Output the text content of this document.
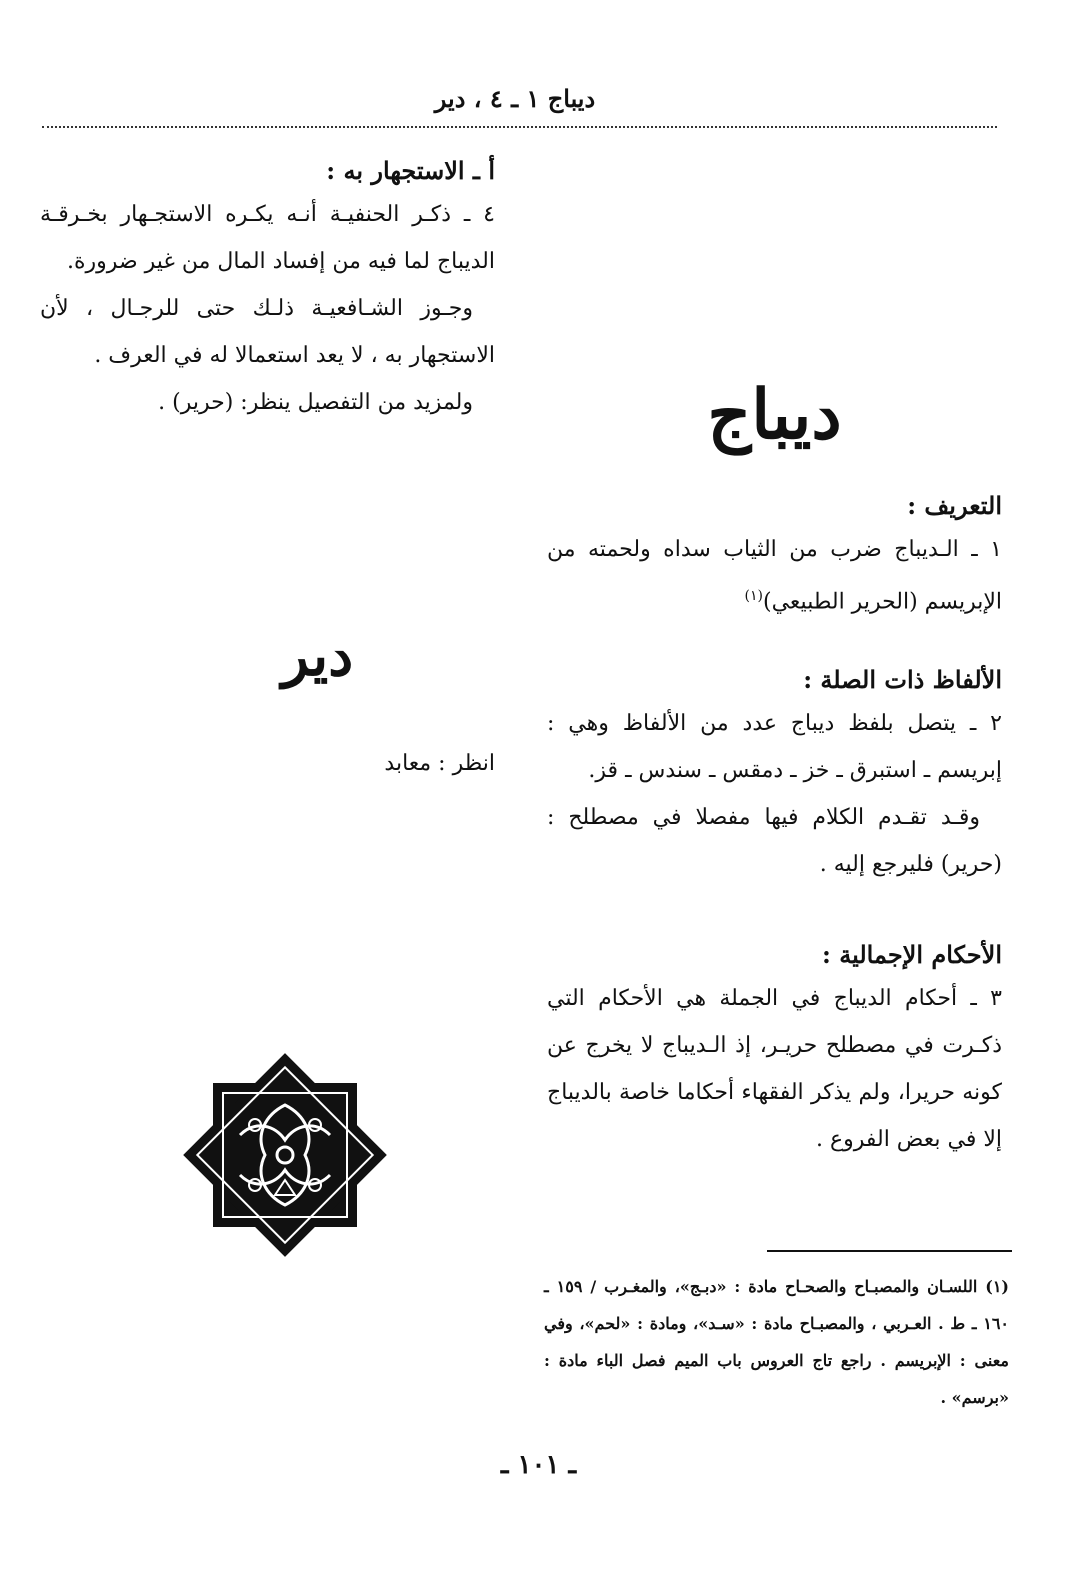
ديباج ١ ـ ٤ ، دير
ديباج
التعريف :
١ ـ الـديباج ضرب من الثياب سداه ولحمته من الإبريسم (الحرير الطبيعي)$^{(١)}$
الألفاظ ذات الصلة :
٢ ـ يتصل بلفظ ديباج عدد من الألفاظ وهي : إبريسم ـ استبرق ـ خز ـ دمقس ـ سندس ـ قز.
وقـد تقـدم الكلام فيها مفصلا في مصطلح : (حرير) فليرجع إليه .
الأحكام الإجمالية :
٣ ـ أحكام الديباج في الجملة هي الأحكام التي ذكـرت في مصطلح حريـر، إذ الـديباج لا يخرج عن كونه حريرا، ولم يذكر الفقهاء أحكاما خاصة بالديباج إلا في بعض الفروع .
أ ـ الاستجهار به :
٤ ـ ذكـر الحنفيـة أنـه يكـره الاستجـهار بخـرقـة الديباج لما فيه من إفساد المال من غير ضرورة.
وجـوز الشـافعيـة ذلـك حتى للرجـال ، لأن الاستجهار به ، لا يعد استعمالا له في العرف .
ولمزيد من التفصيل ينظر: (حرير) .
دير
انظر : معابد
(١) اللسـان والمصبـاح والصحـاح مادة : «دبـج»، والمغـرب / ١٥٩ ـ ١٦٠ ـ ط . العـربي ، والمصبـاح مادة : «سـد»، ومادة : «لحم»، وفي معنى : الإبريسم . راجع تاج العروس باب الميم فصل الباء مادة : «برسم» .
ـ ١٠١ ـ
